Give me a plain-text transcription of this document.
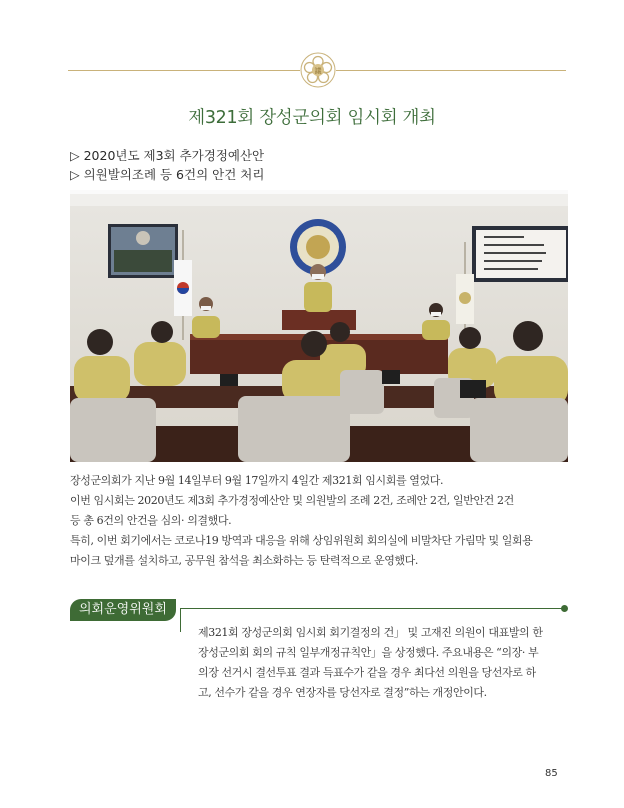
議
제321회 장성군의회 임시회 개최
▷ 2020년도 제3회 추가경정예산안
▷ 의원발의조례 등 6건의 안건 처리
장성군의회가 지난 9월 14일부터 9월 17일까지 4일간 제321회 임시회를 열었다.
이번 임시회는 2020년도 제3회 추가경정예산안 및 의원발의 조례 2건, 조례안 2건, 일반안건 2건
등 총 6건의 안건을 심의· 의결했다.
특히, 이번 회기에서는 코로나19 방역과 대응을 위해 상임위원회 회의실에 비말차단 가림막 및 일회용
마이크 덮개를 설치하고, 공무원 참석을 최소화하는 등 탄력적으로 운영했다.
의회운영위원회
제321회 장성군의회 임시회 회기결정의 건」 및 고재진 의원이 대표발의 한
장성군의회 회의 규칙 일부개정규칙안」을 상정했다. 주요내용은 “의장· 부
의장 선거시 결선투표 결과 득표수가 같을 경우 최다선 의원을 당선자로 하
고, 선수가 같을 경우 연장자를 당선자로 결정”하는 개정안이다.
85
